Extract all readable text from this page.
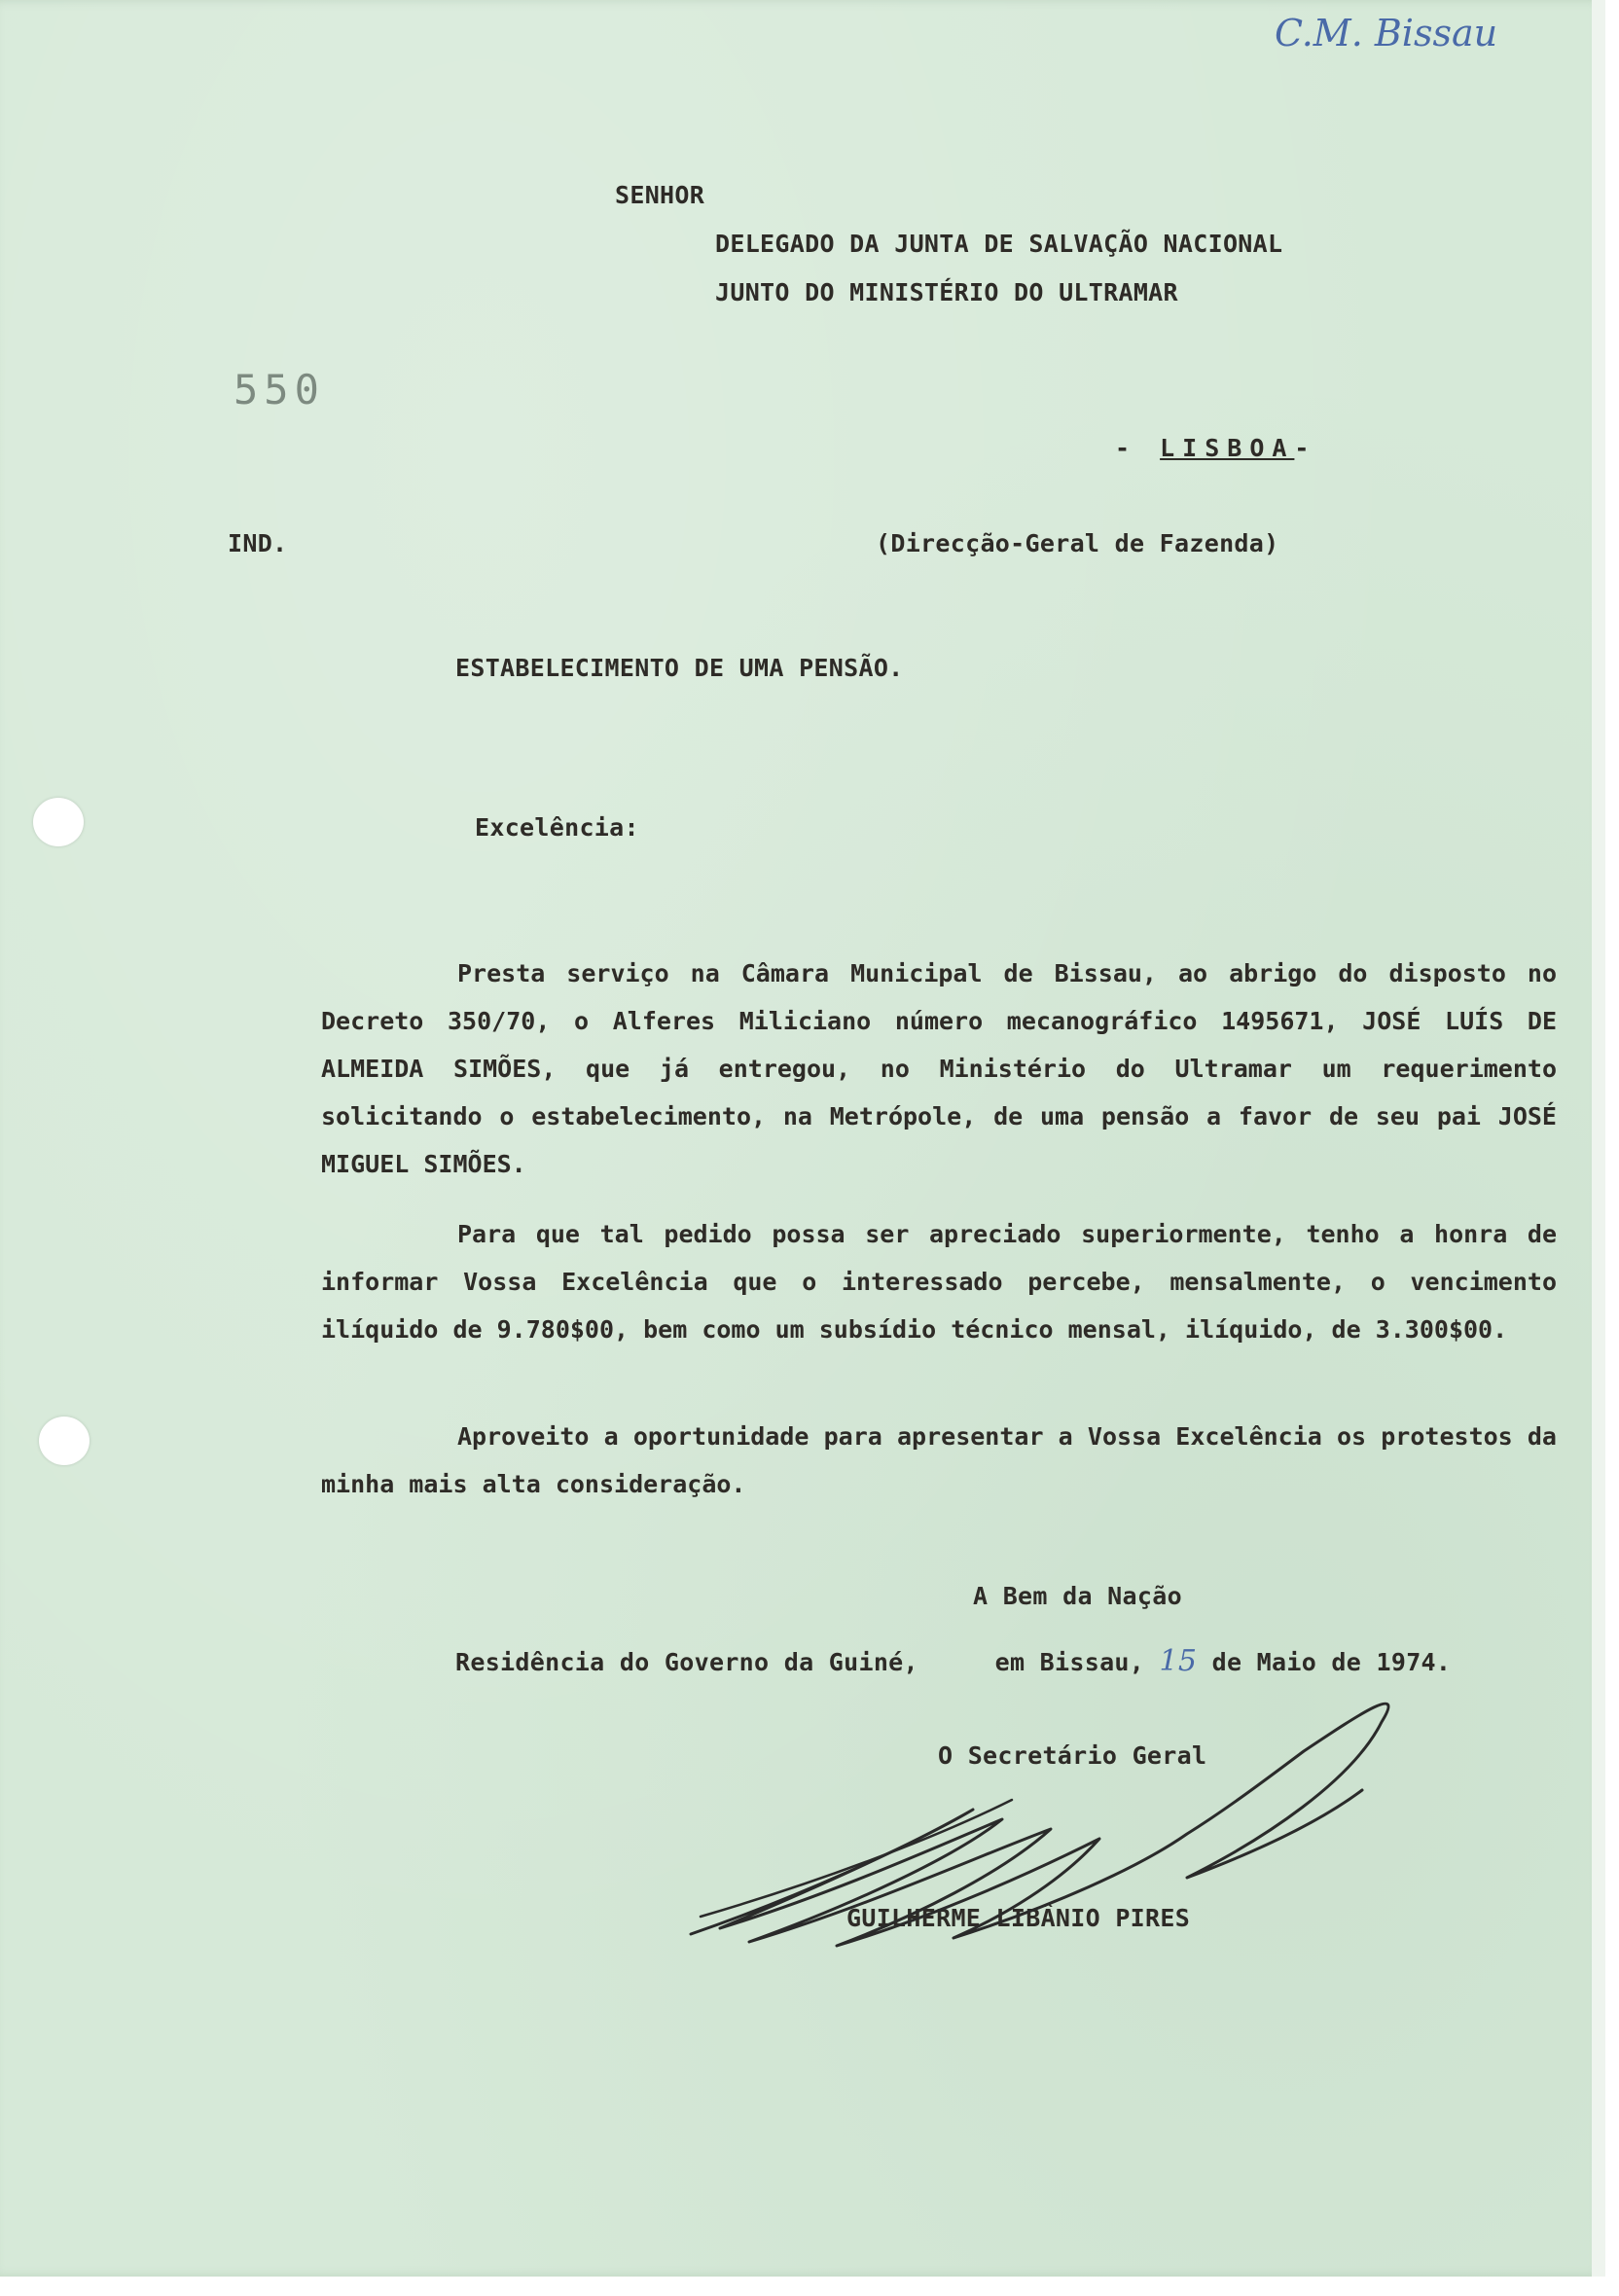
C.M. Bissau
SENHOR
DELEGADO DA JUNTA DE SALVAÇÃO NACIONAL
JUNTO DO MINISTÉRIO DO ULTRAMAR
550
- LISBOA-
IND.	(Direcção-Geral de Fazenda)
ESTABELECIMENTO DE UMA PENSÃO.
Excelência:

Presta serviço na Câmara Municipal de Bissau, ao abrigo do disposto no Decreto 350/70, o Alferes Miliciano número mecanográfico 1495671, JOSÉ LUÍS DE ALMEIDA SIMÕES, que já entregou, no Ministério do Ultramar um requerimento solicitando o estabelecimento, na Metrópole, de uma pensão a favor de seu pai JOSÉ MIGUEL SIMÕES.

Para que tal pedido possa ser apreciado superiormente, tenho a honra de informar Vossa Excelência que o interessado percebe, mensalmente, o vencimento ilíquido de 9.780$00, bem como um subsídio técnico mensal, ilíquido, de 3.300$00.

Aproveito a oportunidade para apresentar a Vossa Excelência os protestos da minha mais alta consideração.

A Bem da Nação
Residência do Governo da Guiné,	em Bissau, 15 de Maio de 1974.
O Secretário Geral
GUILHERME LIBÂNIO PIRES
